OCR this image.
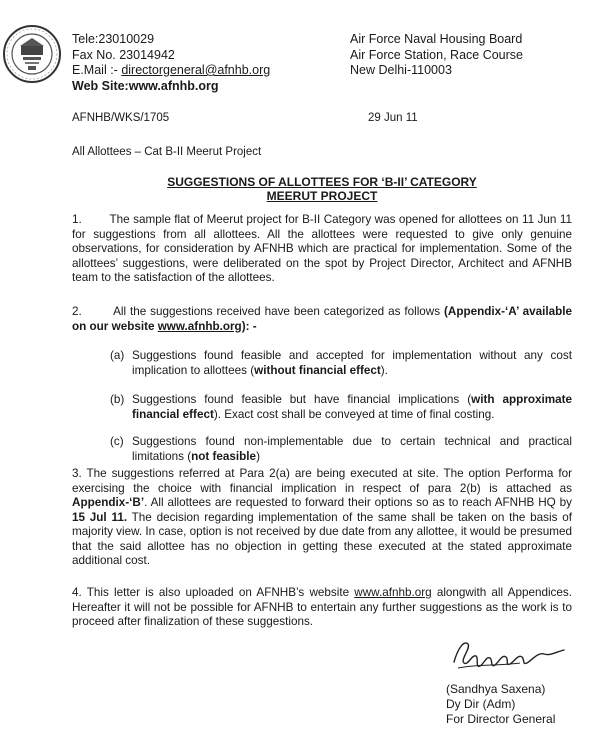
Tele:23010029
Fax No. 23014942
E.Mail :- directorgeneral@afnhb.org
Web Site:www.afnhb.org
Air Force Naval Housing Board
Air Force Station, Race Course
New Delhi-110003
AFNHB/WKS/1705	29 Jun 11
All Allottees – Cat B-II Meerut Project
SUGGESTIONS OF ALLOTTEES FOR ‘B-II’ CATEGORY
MEERUT PROJECT
1. The sample flat of Meerut project for B-II Category was opened for allottees on 11 Jun 11 for suggestions from all allottees. All the allottees were requested to give only genuine observations, for consideration by AFNHB which are practical for implementation. Some of the allottees’ suggestions, were deliberated on the spot by Project Director, Architect and AFNHB team to the satisfaction of the allottees.
2.	All the suggestions received have been categorized as follows (Appendix-‘A’ available on our website www.afnhb.org): -
(a) Suggestions found feasible and accepted for implementation without any cost implication to allottees (without financial effect).
(b) Suggestions found feasible but have financial implications (with approximate financial effect). Exact cost shall be conveyed at time of final costing.
(c) Suggestions found non-implementable due to certain technical and practical limitations (not feasible)
3. The suggestions referred at Para 2(a) are being executed at site. The option Performa for exercising the choice with financial implication in respect of para 2(b) is attached as Appendix-‘B’. All allottees are requested to forward their options so as to reach AFNHB HQ by 15 Jul 11. The decision regarding implementation of the same shall be taken on the basis of majority view. In case, option is not received by due date from any allottee, it would be presumed that the said allottee has no objection in getting these executed at the stated approximate additional cost.
4. This letter is also uploaded on AFNHB’s website www.afnhb.org alongwith all Appendices. Hereafter it will not be possible for AFNHB to entertain any further suggestions as the work is to proceed after finalization of these suggestions.
(Sandhya Saxena)
Dy Dir (Adm)
For Director General
